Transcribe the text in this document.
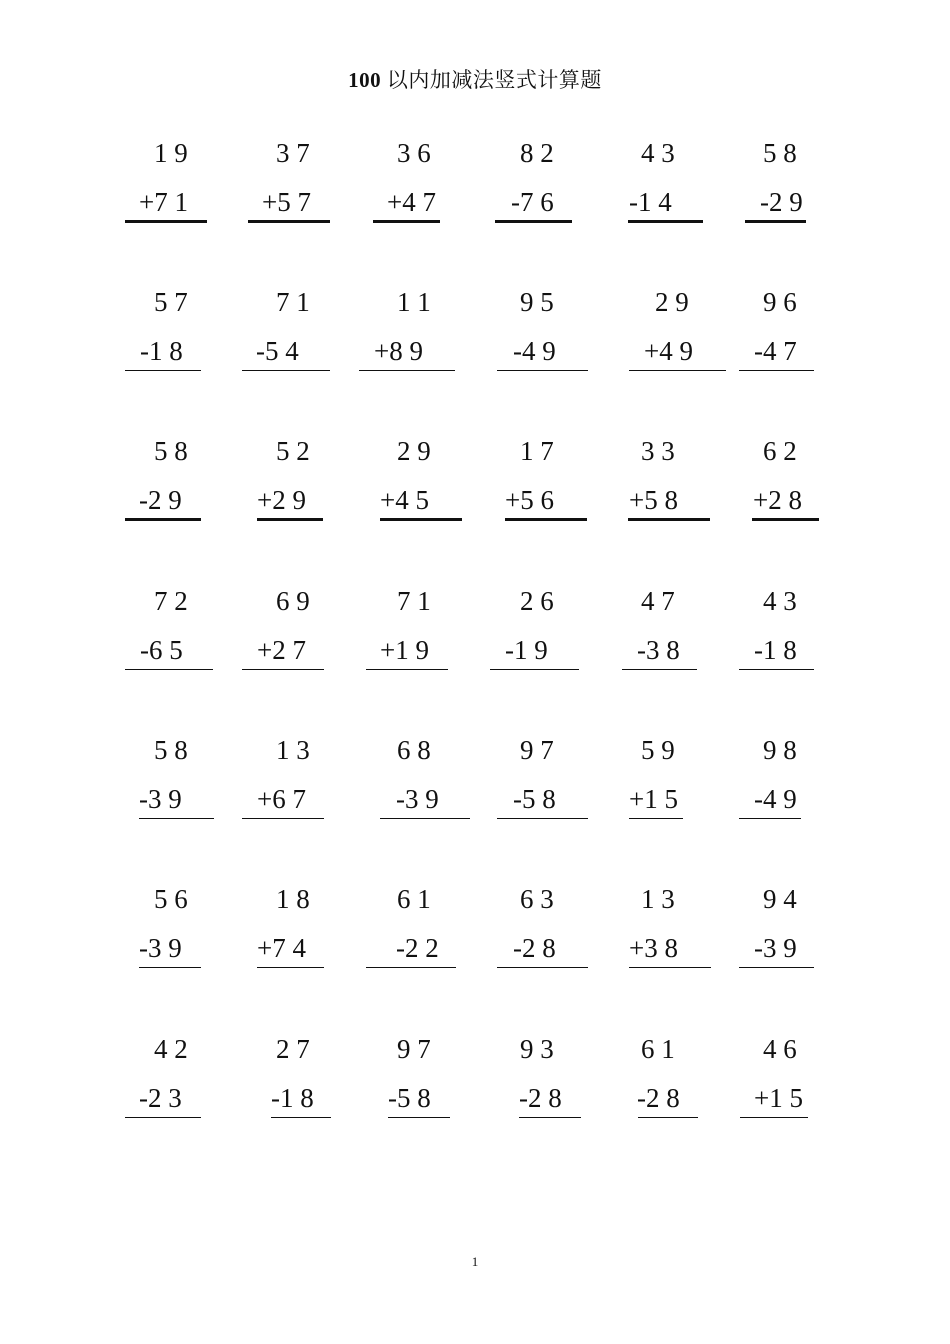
100 以内加减法竖式计算题
1 9
+7 1
3 7
+5 7
3 6
+4 7
8 2
-7 6
4 3
-1 4
5 8
-2 9
5 7
-1 8
7 1
-5 4
1 1
+8 9
9 5
-4 9
2 9
+4 9
9 6
-4 7
5 8
-2 9
5 2
+2 9
2 9
+4 5
1 7
+5 6
3 3
+5 8
6 2
+2 8
7 2
-6 5
6 9
+2 7
7 1
+1 9
2 6
-1 9
4 7
-3 8
4 3
-1 8
5 8
-3 9
1 3
+6 7
6 8
-3 9
9 7
-5 8
5 9
+1 5
9 8
-4 9
5 6
-3 9
1 8
+7 4
6 1
-2 2
6 3
-2 8
1 3
+3 8
9 4
-3 9
4 2
-2 3
2 7
-1 8
9 7
-5 8
9 3
-2 8
6 1
-2 8
4 6
+1 5
1
